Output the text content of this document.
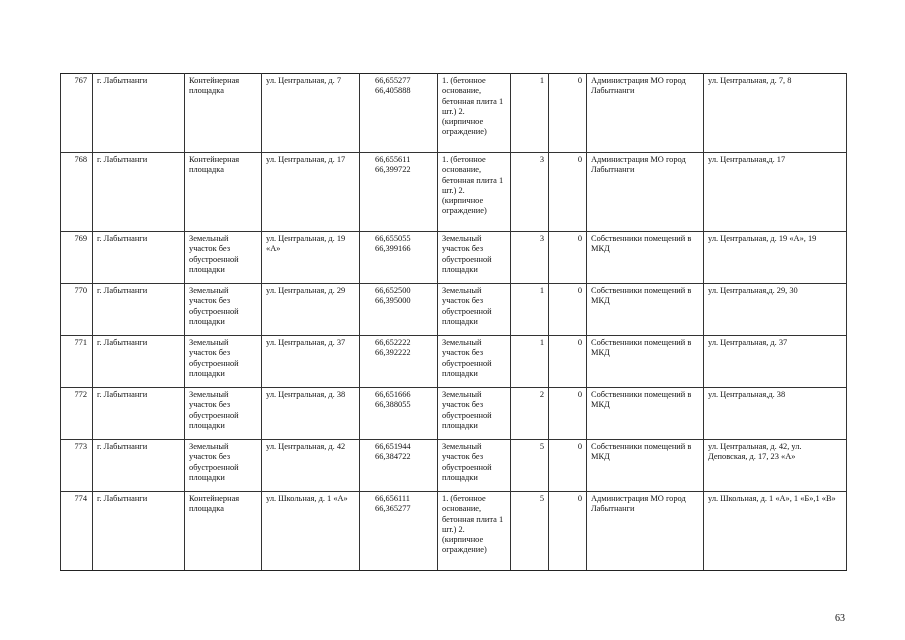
767	г. Лабытнанги	Контейнерная площадка	ул. Центральная, д. 7	66,655277 66,405888	1. (бетонное основание, бетонная плита 1 шт.) 2. (кирпичное ограждение)	1	0	Администрация МО город Лабытнанги	ул. Центральная, д. 7, 8
768	г. Лабытнанги	Контейнерная площадка	ул. Центральная, д. 17	66,655611 66,399722	1. (бетонное основание, бетонная плита 1 шт.) 2. (кирпичное ограждение)	3	0	Администрация МО город Лабытнанги	ул. Центральная,д. 17
769	г. Лабытнанги	Земельный участок без обустроенной площадки	ул. Центральная, д. 19 «А»	66,655055 66,399166	Земельный участок без обустроенной площадки	3	0	Собственники помещений в МКД	ул. Центральная, д. 19 «А», 19
770	г. Лабытнанги	Земельный участок без обустроенной площадки	ул. Центральная, д. 29	66,652500 66,395000	Земельный участок без обустроенной площадки	1	0	Собственники помещений в МКД	ул. Центральная,д. 29, 30
771	г. Лабытнанги	Земельный участок без обустроенной площадки	ул. Центральная, д. 37	66,652222 66,392222	Земельный участок без обустроенной площадки	1	0	Собственники помещений в МКД	ул. Центральная, д. 37
772	г. Лабытнанги	Земельный участок без обустроенной площадки	ул. Центральная, д. 38	66,651666 66,388055	Земельный участок без обустроенной площадки	2	0	Собственники помещений в МКД	ул. Центральная,д. 38
773	г. Лабытнанги	Земельный участок без обустроенной площадки	ул. Центральная, д. 42	66,651944 66,384722	Земельный участок без обустроенной площадки	5	0	Собственники помещений в МКД	ул. Центральная, д. 42, ул. Деповская, д. 17, 23 «А»
774	г. Лабытнанги	Контейнерная площадка	ул. Школьная, д. 1 «А»	66,656111 66,365277	1. (бетонное основание, бетонная плита 1 шт.) 2. (кирпичное ограждение)	5	0	Администрация МО город Лабытнанги	ул. Школьная, д. 1 «А», 1 «Б»,1 «В»
63
